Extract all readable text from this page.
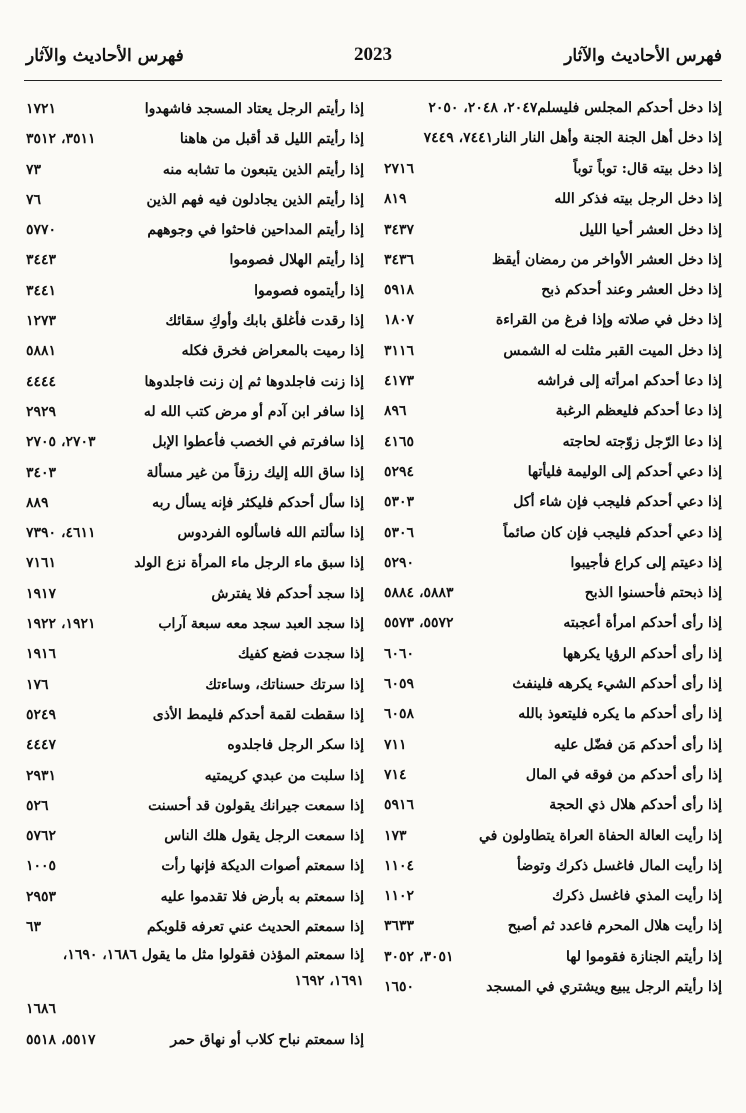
فهرس الأحاديث والآثار
2023
فهرس الأحاديث والآثار
إذا دخل أحدكم المجلس فليسلم
٢٠٤٧، ٢٠٤٨، ٢٠٥٠
إذا دخل أهل الجنة الجنة وأهل النار النار
٧٤٤١، ٧٤٤٩
إذا دخل بيته قال: توباً توباً
٢٧١٦
إذا دخل الرجل بيته فذكر الله
٨١٩
إذا دخل العشر أحيا الليل
٣٤٣٧
إذا دخل العشر الأواخر من رمضان أيقظ
٣٤٣٦
إذا دخل العشر وعند أحدكم ذبح
٥٩١٨
إذا دخل في صلاته وإذا فرغ من القراءة
١٨٠٧
إذا دخل الميت القبر مثلت له الشمس
٣١١٦
إذا دعا أحدكم امرأته إلى فراشه
٤١٧٣
إذا دعا أحدكم فليعظم الرغبة
٨٩٦
إذا دعا الرّجل زوّجته لحاجته
٤١٦٥
إذا دعي أحدكم إلى الوليمة فليأتها
٥٢٩٤
إذا دعي أحدكم فليجب فإن شاء أكل
٥٣٠٣
إذا دعي أحدكم فليجب فإن كان صائماً
٥٣٠٦
إذا دعيتم إلى كراع فأجيبوا
٥٢٩٠
إذا ذبحتم فأحسنوا الذبح
٥٨٨٣، ٥٨٨٤
إذا رأى أحدكم امرأة أعجبته
٥٥٧٢، ٥٥٧٣
إذا رأى أحدكم الرؤيا يكرهها
٦٠٦٠
إذا رأى أحدكم الشيء يكرهه فلينفث
٦٠٥٩
إذا رأى أحدكم ما يكره فليتعوذ بالله
٦٠٥٨
إذا رأى أحدكم مَن فضّل عليه
٧١١
إذا رأى أحدكم من فوقه في المال
٧١٤
إذا رأى أحدكم هلال ذي الحجة
٥٩١٦
إذا رأيت العالة الحفاة العراة يتطاولون في
١٧٣
إذا رأيت المال فاغسل ذكرك وتوضأ
١١٠٤
إذا رأيت المذي فاغسل ذكرك
١١٠٢
إذا رأيت هلال المحرم فاعدد ثم أصبح
٣٦٣٣
إذا رأيتم الجنازة فقوموا لها
٣٠٥١، ٣٠٥٢
إذا رأيتم الرجل يبيع ويشتري في المسجد
١٦٥٠
إذا رأيتم الرجل يعتاد المسجد فاشهدوا
١٧٢١
إذا رأيتم الليل قد أقبل من هاهنا
٣٥١١، ٣٥١٢
إذا رأيتم الذين يتبعون ما تشابه منه
٧٣
إذا رأيتم الذين يجادلون فيه فهم الذين
٧٦
إذا رأيتم المداحين فاحثوا في وجوههم
٥٧٧٠
إذا رأيتم الهلال فصوموا
٣٤٤٣
إذا رأيتموه فصوموا
٣٤٤١
إذا رقدت فأغلق بابك وأوكِ سقائك
١٢٧٣
إذا رميت بالمعراض فخرق فكله
٥٨٨١
إذا زنت فاجلدوها ثم إن زنت فاجلدوها
٤٤٤٤
إذا سافر ابن آدم أو مرض كتب الله له
٢٩٢٩
إذا سافرتم في الخصب فأعطوا الإبل
٢٧٠٣، ٢٧٠٥
إذا ساق الله إليك رزقاً من غير مسألة
٣٤٠٣
إذا سأل أحدكم فليكثر فإنه يسأل ربه
٨٨٩
إذا سألتم الله فاسألوه الفردوس
٤٦١١، ٧٣٩٠
إذا سبق ماء الرجل ماء المرأة نزع الولد
٧١٦١
إذا سجد أحدكم فلا يفترش
١٩١٧
إذا سجد العبد سجد معه سبعة آراب
١٩٢١، ١٩٢٢
إذا سجدت فضع كفيك
١٩١٦
إذا سرتك حسناتك، وساءتك
١٧٦
إذا سقطت لقمة أحدكم فليمط الأذى
٥٢٤٩
إذا سكر الرجل فاجلدوه
٤٤٤٧
إذا سلبت من عبدي كريمتيه
٢٩٣١
إذا سمعت جيرانك يقولون قد أحسنت
٥٢٦
إذا سمعت الرجل يقول هلك الناس
٥٧٦٢
إذا سمعتم أصوات الديكة فإنها رأت
١٠٠٥
إذا سمعتم به بأرض فلا تقدموا عليه
٢٩٥٣
إذا سمعتم الحديث عني تعرفه قلوبكم
٦٣
إذا سمعتم المؤذن فقولوا مثل ما يقول ١٦٨٦، ١٦٩٠، ١٦٩١، ١٦٩٢
١٦٨٦
إذا سمعتم نباح كلاب أو نهاق حمر
٥٥١٧، ٥٥١٨
